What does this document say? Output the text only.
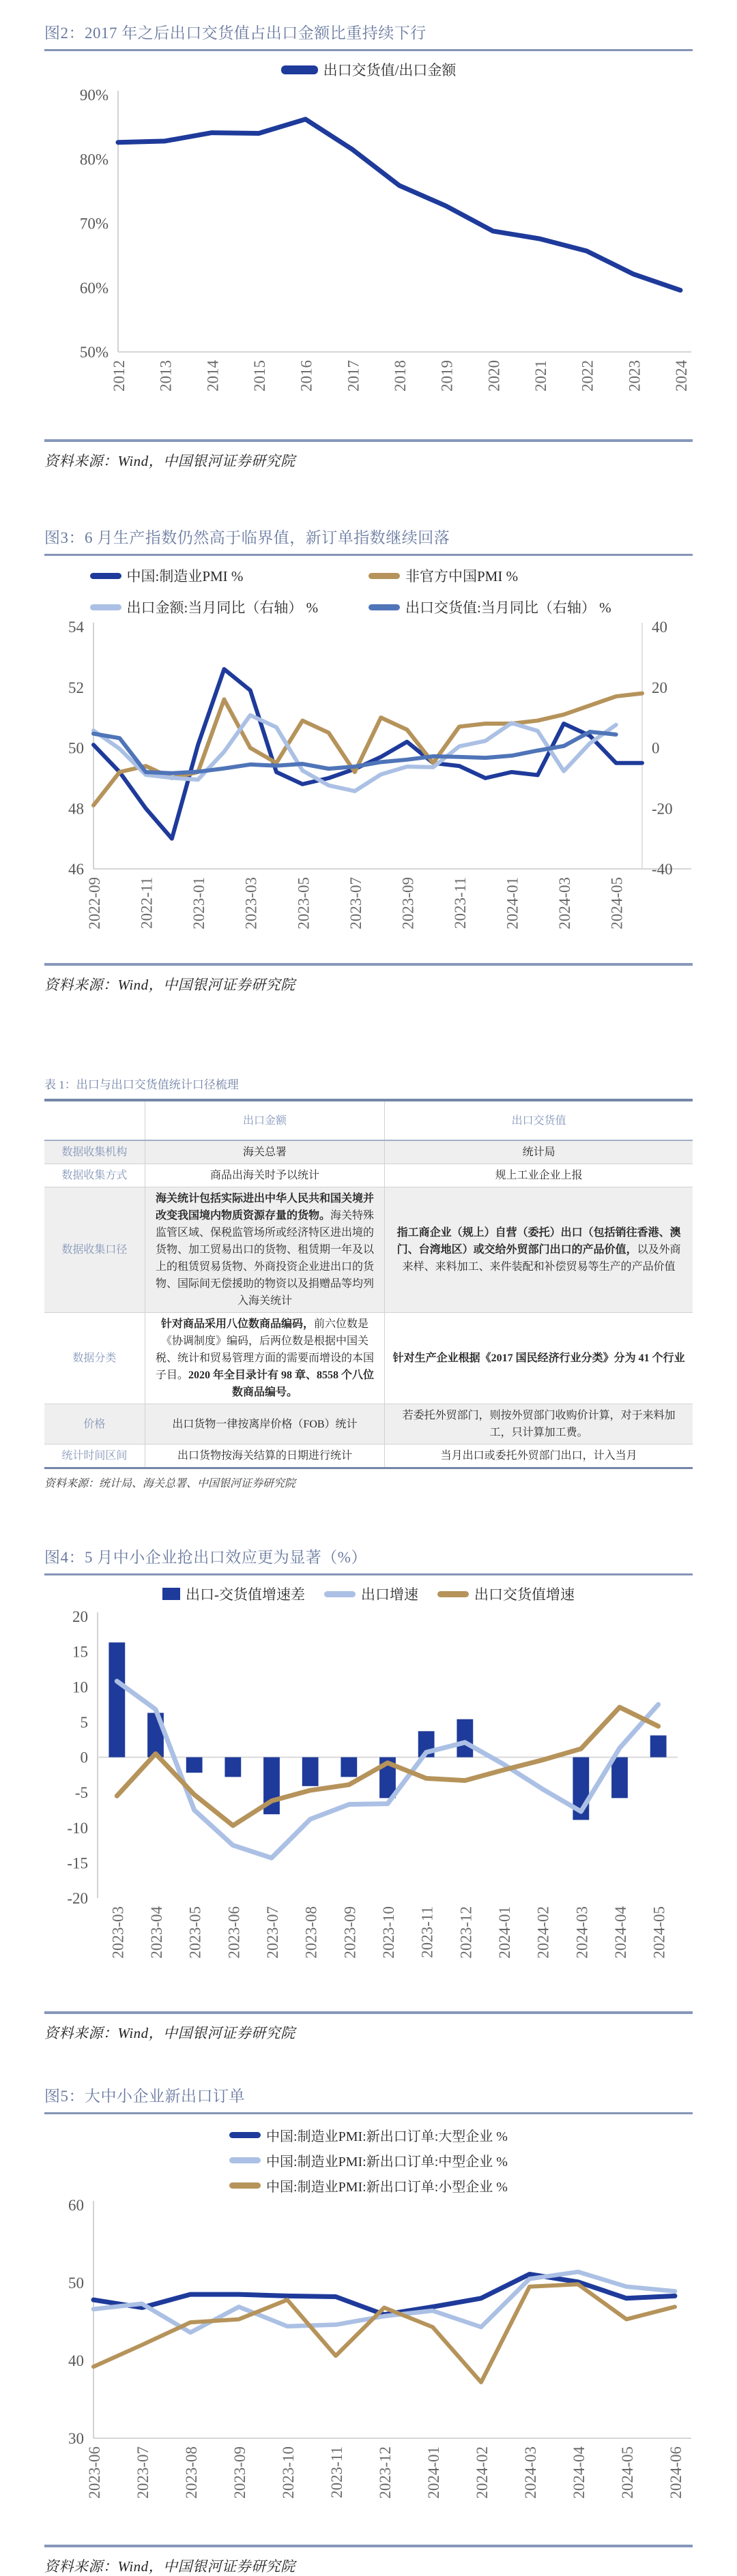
图2：2017 年之后出口交货值占出口金额比重持续下行
出口交货值/出口金额
90%
80%
70%
60%
50%
2012 2013 2014 2015 2016 2017 2018 2019 2020 2021 2022 2023 2024
资料来源：Wind，中国银河证券研究院
图3：6 月生产指数仍然高于临界值，新订单指数继续回落
中国:制造业PMI %	非官方中国PMI %
出口金额:当月同比（右轴） %	出口交货值:当月同比（右轴） %
54
52
50
48
46
40
20
0
-20
-40
2022-09 2022-11 2023-01 2023-03 2023-05 2023-07 2023-09 2023-11 2024-01 2024-03 2024-05
资料来源：Wind，中国银河证券研究院
表 1：出口与出口交货值统计口径梳理
	出口金额	出口交货值
数据收集机构	海关总署	统计局
数据收集方式	商品出海关时予以统计	规上工业企业上报
数据收集口径	海关统计包括实际进出中华人民共和国关境并改变我国境内物质资源存量的货物。海关特殊监管区域、保税监管场所或经济特区进出境的货物、加工贸易出口的货物、租赁期一年及以上的租赁贸易货物、外商投资企业进出口的货物、国际间无偿援助的物资以及捐赠品等均列入海关统计	指工商企业（规上）自营（委托）出口（包括销往香港、澳门、台湾地区）或交给外贸部门出口的产品价值，以及外商来样、来料加工、来件装配和补偿贸易等生产的产品价值
数据分类	针对商品采用八位数商品编码，前六位数是《协调制度》编码，后两位数是根据中国关税、统计和贸易管理方面的需要而增设的本国子目。2020 年全目录计有 98 章、8558 个八位数商品编号。	针对生产企业根据《2017 国民经济行业分类》分为 41 个行业
价格	出口货物一律按离岸价格（FOB）统计	若委托外贸部门，则按外贸部门收购价计算，对于来料加工，只计算加工费。
统计时间区间	出口货物按海关结算的日期进行统计	当月出口或委托外贸部门出口，计入当月
资料来源：统计局、海关总署、中国银河证券研究院
图4：5 月中小企业抢出口效应更为显著（%）
出口-交货值增速差	出口增速	出口交货值增速
20
15
10
5
0
-5
-10
-15
-20
2023-03 2023-04 2023-05 2023-06 2023-07 2023-08 2023-09 2023-10 2023-11 2023-12 2024-01 2024-02 2024-03 2024-04 2024-05
资料来源：Wind，中国银河证券研究院
图5：大中小企业新出口订单
中国:制造业PMI:新出口订单:大型企业 %
中国:制造业PMI:新出口订单:中型企业 %
中国:制造业PMI:新出口订单:小型企业 %
60
50
40
30
2023-06 2023-07 2023-08 2023-09 2023-10 2023-11 2023-12 2024-01 2024-02 2024-03 2024-04 2024-05 2024-06
资料来源：Wind，中国银河证券研究院
